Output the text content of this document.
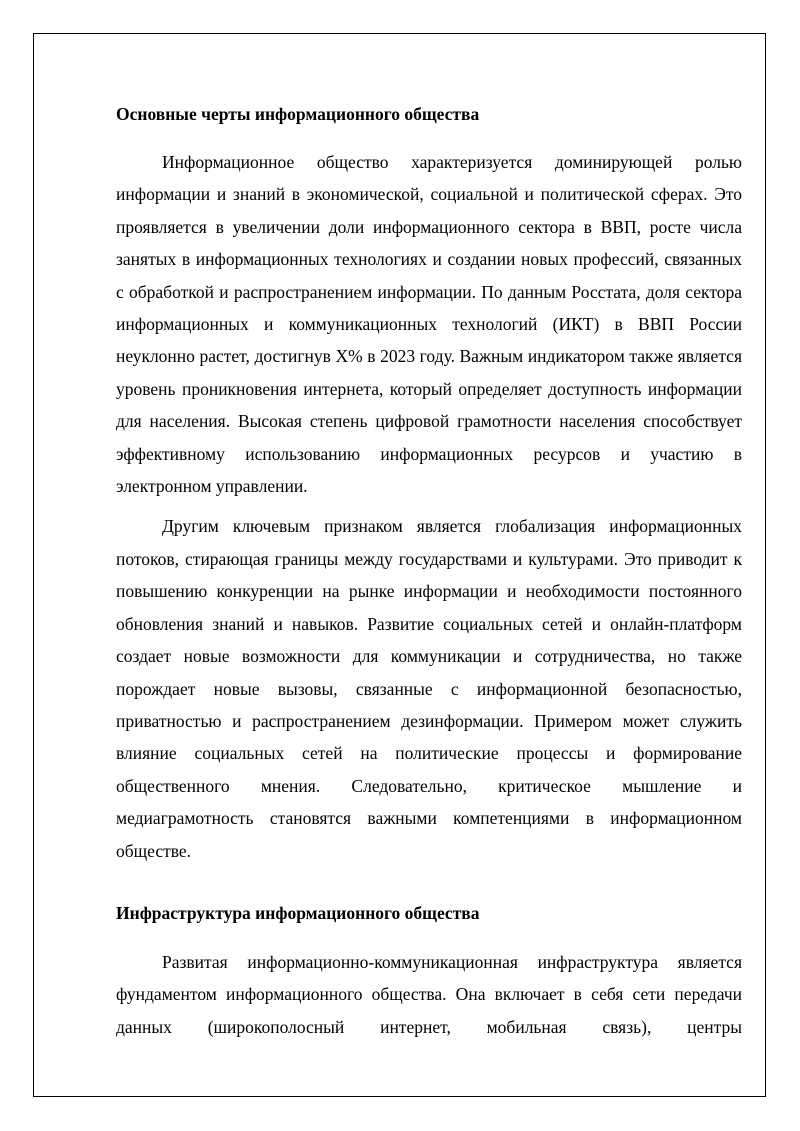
Основные черты информационного общества

Информационное общество характеризуется доминирующей ролью информации и знаний в экономической, социальной и политической сферах. Это проявляется в увеличении доли информационного сектора в ВВП, росте числа занятых в информационных технологиях и создании новых профессий, связанных с обработкой и распространением информации. По данным Росстата, доля сектора информационных и коммуникационных технологий (ИКТ) в ВВП России неуклонно растет, достигнув X% в 2023 году. Важным индикатором также является уровень проникновения интернета, который определяет доступность информации для населения. Высокая степень цифровой грамотности населения способствует эффективному использованию информационных ресурсов и участию в электронном управлении.

Другим ключевым признаком является глобализация информационных потоков, стирающая границы между государствами и культурами. Это приводит к повышению конкуренции на рынке информации и необходимости постоянного обновления знаний и навыков. Развитие социальных сетей и онлайн-платформ создает новые возможности для коммуникации и сотрудничества, но также порождает новые вызовы, связанные с информационной безопасностью, приватностью и распространением дезинформации. Примером может служить влияние социальных сетей на политические процессы и формирование общественного мнения. Следовательно, критическое мышление и медиаграмотность становятся важными компетенциями в информационном обществе.

Инфраструктура информационного общества

Развитая информационно-коммуникационная инфраструктура является фундаментом информационного общества. Она включает в себя сети передачи данных (широкополосный интернет, мобильная связь), центры
